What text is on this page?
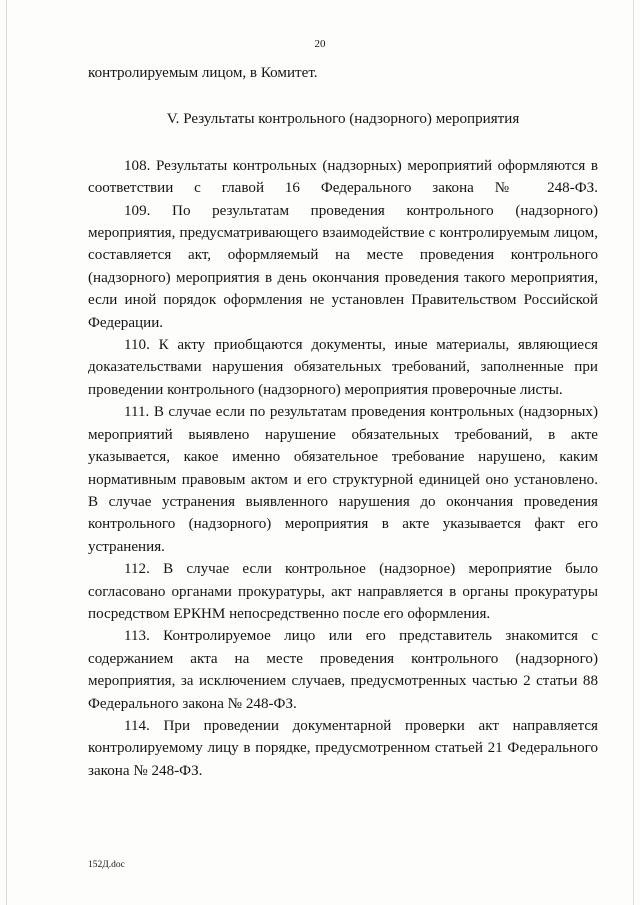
20

контролируемым лицом, в Комитет.

V. Результаты контрольного (надзорного) мероприятия

108. Результаты контрольных (надзорных) мероприятий оформляются в соответствии с главой 16 Федерального закона № 248-ФЗ.

109. По результатам проведения контрольного (надзорного) мероприятия, предусматривающего взаимодействие с контролируемым лицом, составляется акт, оформляемый на месте проведения контрольного (надзорного) мероприятия в день окончания проведения такого мероприятия, если иной порядок оформления не установлен Правительством Российской Федерации.

110. К акту приобщаются документы, иные материалы, являющиеся доказательствами нарушения обязательных требований, заполненные при проведении контрольного (надзорного) мероприятия проверочные листы.

111. В случае если по результатам проведения контрольных (надзорных) мероприятий выявлено нарушение обязательных требований, в акте указывается, какое именно обязательное требование нарушено, каким нормативным правовым актом и его структурной единицей оно установлено. В случае устранения выявленного нарушения до окончания проведения контрольного (надзорного) мероприятия в акте указывается факт его устранения.

112. В случае если контрольное (надзорное) мероприятие было согласовано органами прокуратуры, акт направляется в органы прокуратуры посредством ЕРКНМ непосредственно после его оформления.

113. Контролируемое лицо или его представитель знакомится с содержанием акта на месте проведения контрольного (надзорного) мероприятия, за исключением случаев, предусмотренных частью 2 статьи 88 Федерального закона № 248-ФЗ.

114. При проведении документарной проверки акт направляется контролируемому лицу в порядке, предусмотренном статьей 21 Федерального закона № 248-ФЗ.

152Д.doc
